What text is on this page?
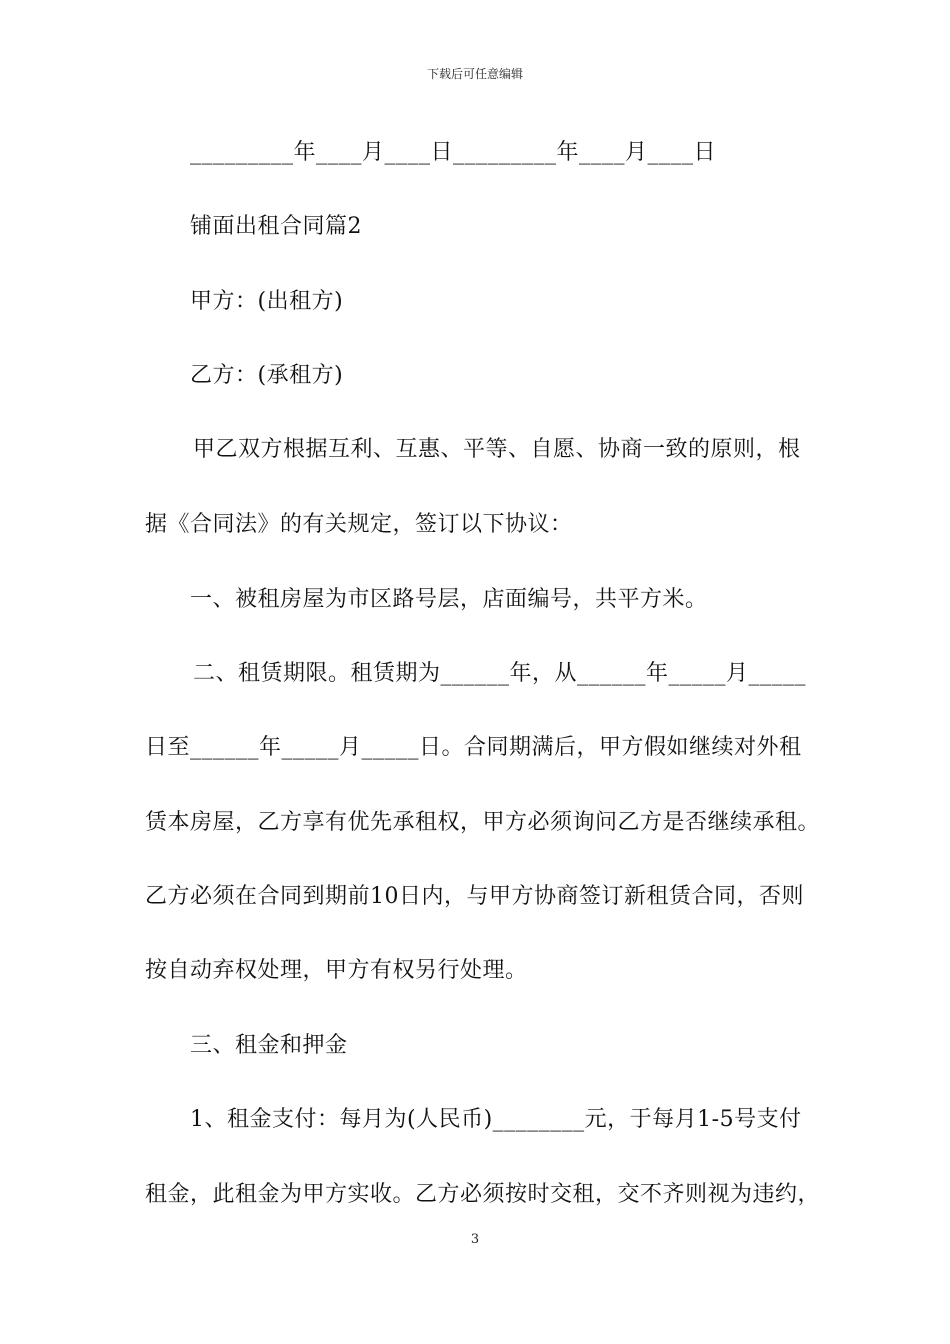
下载后可任意编辑
_________年____月____日_________年____月____日
铺面出租合同篇2
甲方：(出租方)
乙方：(承租方)
甲乙双方根据互利、互惠、平等、自愿、协商一致的原则，根
据《合同法》的有关规定，签订以下协议：
一、被租房屋为市区路号层，店面编号，共平方米。
二、租赁期限。租赁期为______年，从______年_____月_____
日至______年_____月_____日。合同期满后，甲方假如继续对外租
赁本房屋，乙方享有优先承租权，甲方必须询问乙方是否继续承租。
乙方必须在合同到期前10日内，与甲方协商签订新租赁合同，否则
按自动弃权处理，甲方有权另行处理。
三、租金和押金
1、租金支付：每月为(人民币)________元，于每月1-5号支付
租金，此租金为甲方实收。乙方必须按时交租，交不齐则视为违约，
3
